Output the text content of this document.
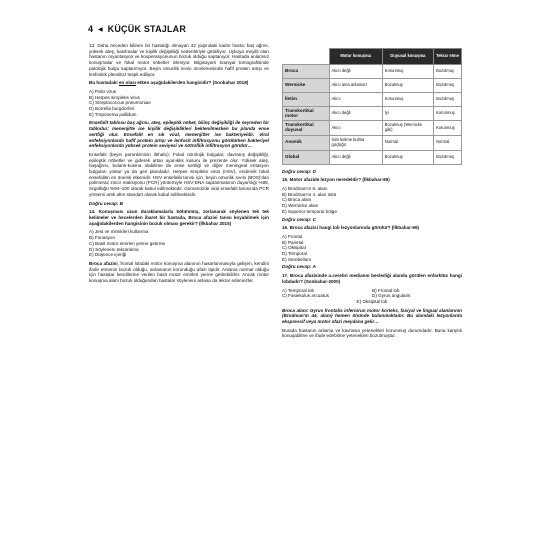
4 ◀ KÜÇÜK STAJLAR

13. Daha önceden bilinen bir hastalığı olmayan 32 yaşındaki kadın hasta; baş ağrısı, yüksek ateş, kasılmalar ve kişilik değişikliği nedenleriyle getiriliyor. Uykuya meyilli olan hastanın oryantasyon ve kooperasyonunun bozuk olduğu saptanıyor. Hastada anlamsız konuşmalar ve fokal motor nöbetler izleniyor. Bilgisayarlı kraniyal tomografisinde patolojik bulgu saptanmıyor. Beyin omurilik sıvısı incelemesinde hafif protein artışı ve lenfositik pleositoz tespit ediliyor.

Bu hastadaki en olası etken aşağıdakilerden hangisidir? (Sonbahar 2018)

A) Polio virus
B) Herpes simpleks virus
C) Streptococcus pneumoniae
D) Borrelia burgdorferi
E) Treponema pallidum

Ensefalit tablosu baş ağrısı, ateş, epileptik nöbet, bilinç değişikliği ile seyreden bir tablodur; menenjitte ise kişilik değişiklikleri beklenilmezken bu planda ense sertliği olur. Ensefalit en sık viral, menenjitler ise bakteriyeldir. Viral enfeksiyonlarda hafif protein artışı ve lenfosit infiltrasyonu görülürken bakteriyel enfeksiyonlarda yüksek protein seviyesi ve nötrofilik infiltrasyon görülür…

Ensefalit (beyin parenkiminin iltihabı); Fokal nörolojik bulgular, davranış değişikliği, epileptik nöbetler ve giderek artan uyanıklık kusuru ile prezente olur. Yüksek ateş, başağrısı, bulantı-kusma olabilirse de ense sertliği ve diğer meningeal irritasyon bulguları yoktur ya da geri plandadır. Herpes simpleks virüs (HSV), endemik fokal ensefalitin en önemli etkenidir. HSV ensefaliti tanısı için, beyin omurilik sıvısı (BOS)'dan polimeraz zincir reaksiyonu (PCR) yöntemiyle HSV-DNA saptanmasının duyarlılığı %98, özgüllüğü %94–100 olarak kabul edilmektedir. Günümüzde viral ensefalit tanısında PCR yöntemi artık altın standart olarak kabul edilmektedir.

Doğru cevap: B

14. Konuşması uzun duraklamalarla bölünmüş, zorlanarak söylenen tek tek kelimeler ve hecelerden ibaret bir hastada, Broca afazisi tanısı koyabilmek için aşağıdakilerden hangisinin bozuk olması gerekir? (İlkbahar 2015)

A) Jest ve mimikleri kullanma
B) Fonasyon
C) Basit motor emirleri yerine getirme
D) Söylenenı tekrarlama
E) Düşünce içeriği

Broca afazisi, frontal lobdaki motor konuşma alanının hasarlanmasıyla gelişen, kendini ifade etmenin bozuk olduğu, anlamanın korunduğu afazi tipidir. Anlama normal olduğu için hastalar kendilerine verilen basit motor emirleri yerine getirebilirler. Ancak motor konuşma alanı bozuk olduğundan hastalar söyleneni anlasa da tekrar edemezler.

	Motor konuşma	Duyusal konuşma	Tekrar etme
Broca	Akıcı değil	Korunmuş	Bozulmuş
Wernicke	Akıcı ama anlamsız	Bozulmuş	Bozulmuş
İletim	Akıcı	Korunmuş	Bozulmuş
Transkortikal motor	Akıcı değil	İyi	Korunmuş
Transkortikal duyusal	Akıcı	Bozulmuş (Wernicke gibi)	Korunmuş
Anomik	İsim kelime bulma güçlüğü	Normal	Normal
Global	Akıcı değil	Bozulmuş	Bozulmuş
Doğru cevap: D

15. Motor afazide lezyon neredeldir? (İlkbahar-89)

A) Brodman'ın 6. alanı
B) Brodman'ın 4. alan üstü
C) Broca alanı
D) Wernicke alanı
E) Superior temporal bölge
Doğru cevap: C

16. Broca afazisi hangi lob lezyonlarında görülür? (İlkbahar-96)

A) Frontal
B) Parietal
C) Oksipital
D) Temporal
E) Serebellum
Doğru cevap: A

17. Broca afazisinde a.cerebri medianın beslediği alanda görülen enfarktüs hangi lobdadır? (Sonbahar-2000)

A) Temporal lob	B) Frontal lob
C) Fasiekulus arcuatus	D) Gyrus angularis
E) Oksipital lob

Broca alanı: Gyrus frontalis inferiorun motor korteks, fasiyal ve lingual alanlarının (Brodman'ın 44. alanı) hemen önünde bulunmaktadır. Bu alandaki lezyonlarda ekspressif veya motor afazi meydana gelir…

Burada hastanın anlama ve kavrama yetenekleri korunmuş durumdadır. Buna karşılık konuşabilme ve ifade edebilme yetenekleri bozulmuştur.
